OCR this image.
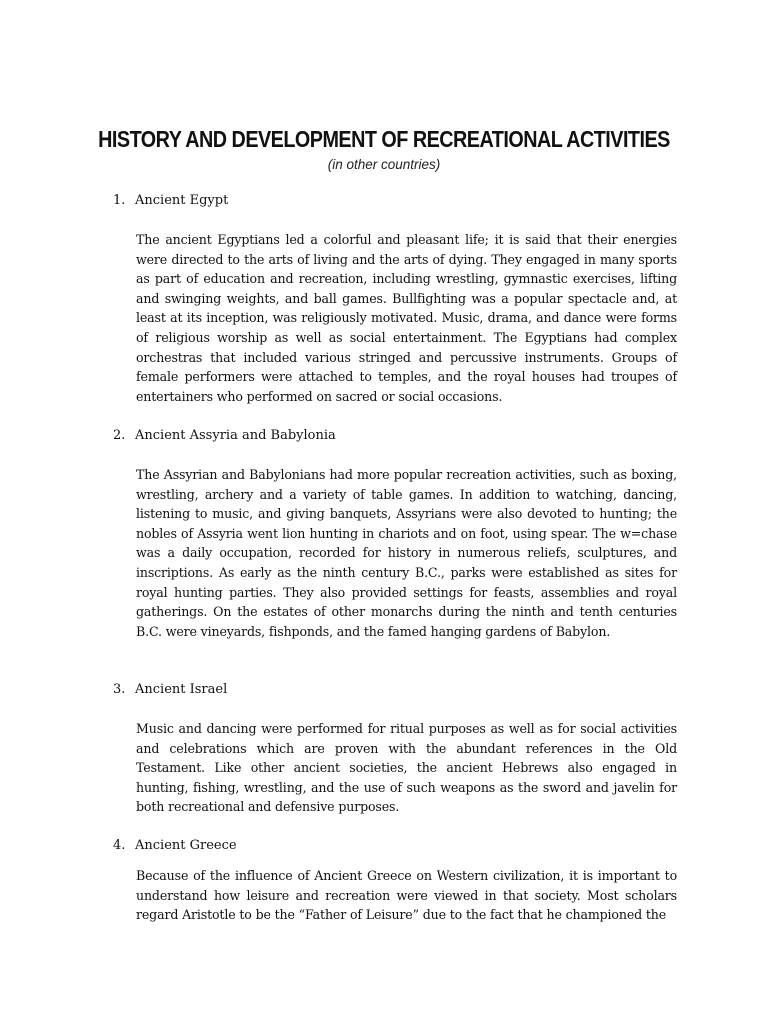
HISTORY AND DEVELOPMENT OF RECREATIONAL ACTIVITIES
(in other countries)
1. Ancient Egypt

The ancient Egyptians led a colorful and pleasant life; it is said that their energies were directed to the arts of living and the arts of dying. They engaged in many sports as part of education and recreation, including wrestling, gymnastic exercises, lifting and swinging weights, and ball games. Bullfighting was a popular spectacle and, at least at its inception, was religiously motivated. Music, drama, and dance were forms of religious worship as well as social entertainment. The Egyptians had complex orchestras that included various stringed and percussive instruments. Groups of female performers were attached to temples, and the royal houses had troupes of entertainers who performed on sacred or social occasions.

2. Ancient Assyria and Babylonia

The Assyrian and Babylonians had more popular recreation activities, such as boxing, wrestling, archery and a variety of table games. In addition to watching, dancing, listening to music, and giving banquets, Assyrians were also devoted to hunting; the nobles of Assyria went lion hunting in chariots and on foot, using spear. The w=chase was a daily occupation, recorded for history in numerous reliefs, sculptures, and inscriptions. As early as the ninth century B.C., parks were established as sites for royal hunting parties. They also provided settings for feasts, assemblies and royal gatherings. On the estates of other monarchs during the ninth and tenth centuries B.C. were vineyards, fishponds, and the famed hanging gardens of Babylon.

3. Ancient Israel

Music and dancing were performed for ritual purposes as well as for social activities and celebrations which are proven with the abundant references in the Old Testament. Like other ancient societies, the ancient Hebrews also engaged in hunting, fishing, wrestling, and the use of such weapons as the sword and javelin for both recreational and defensive purposes.

4. Ancient Greece

Because of the influence of Ancient Greece on Western civilization, it is important to understand how leisure and recreation were viewed in that society. Most scholars regard Aristotle to be the “Father of Leisure” due to the fact that he championed the
